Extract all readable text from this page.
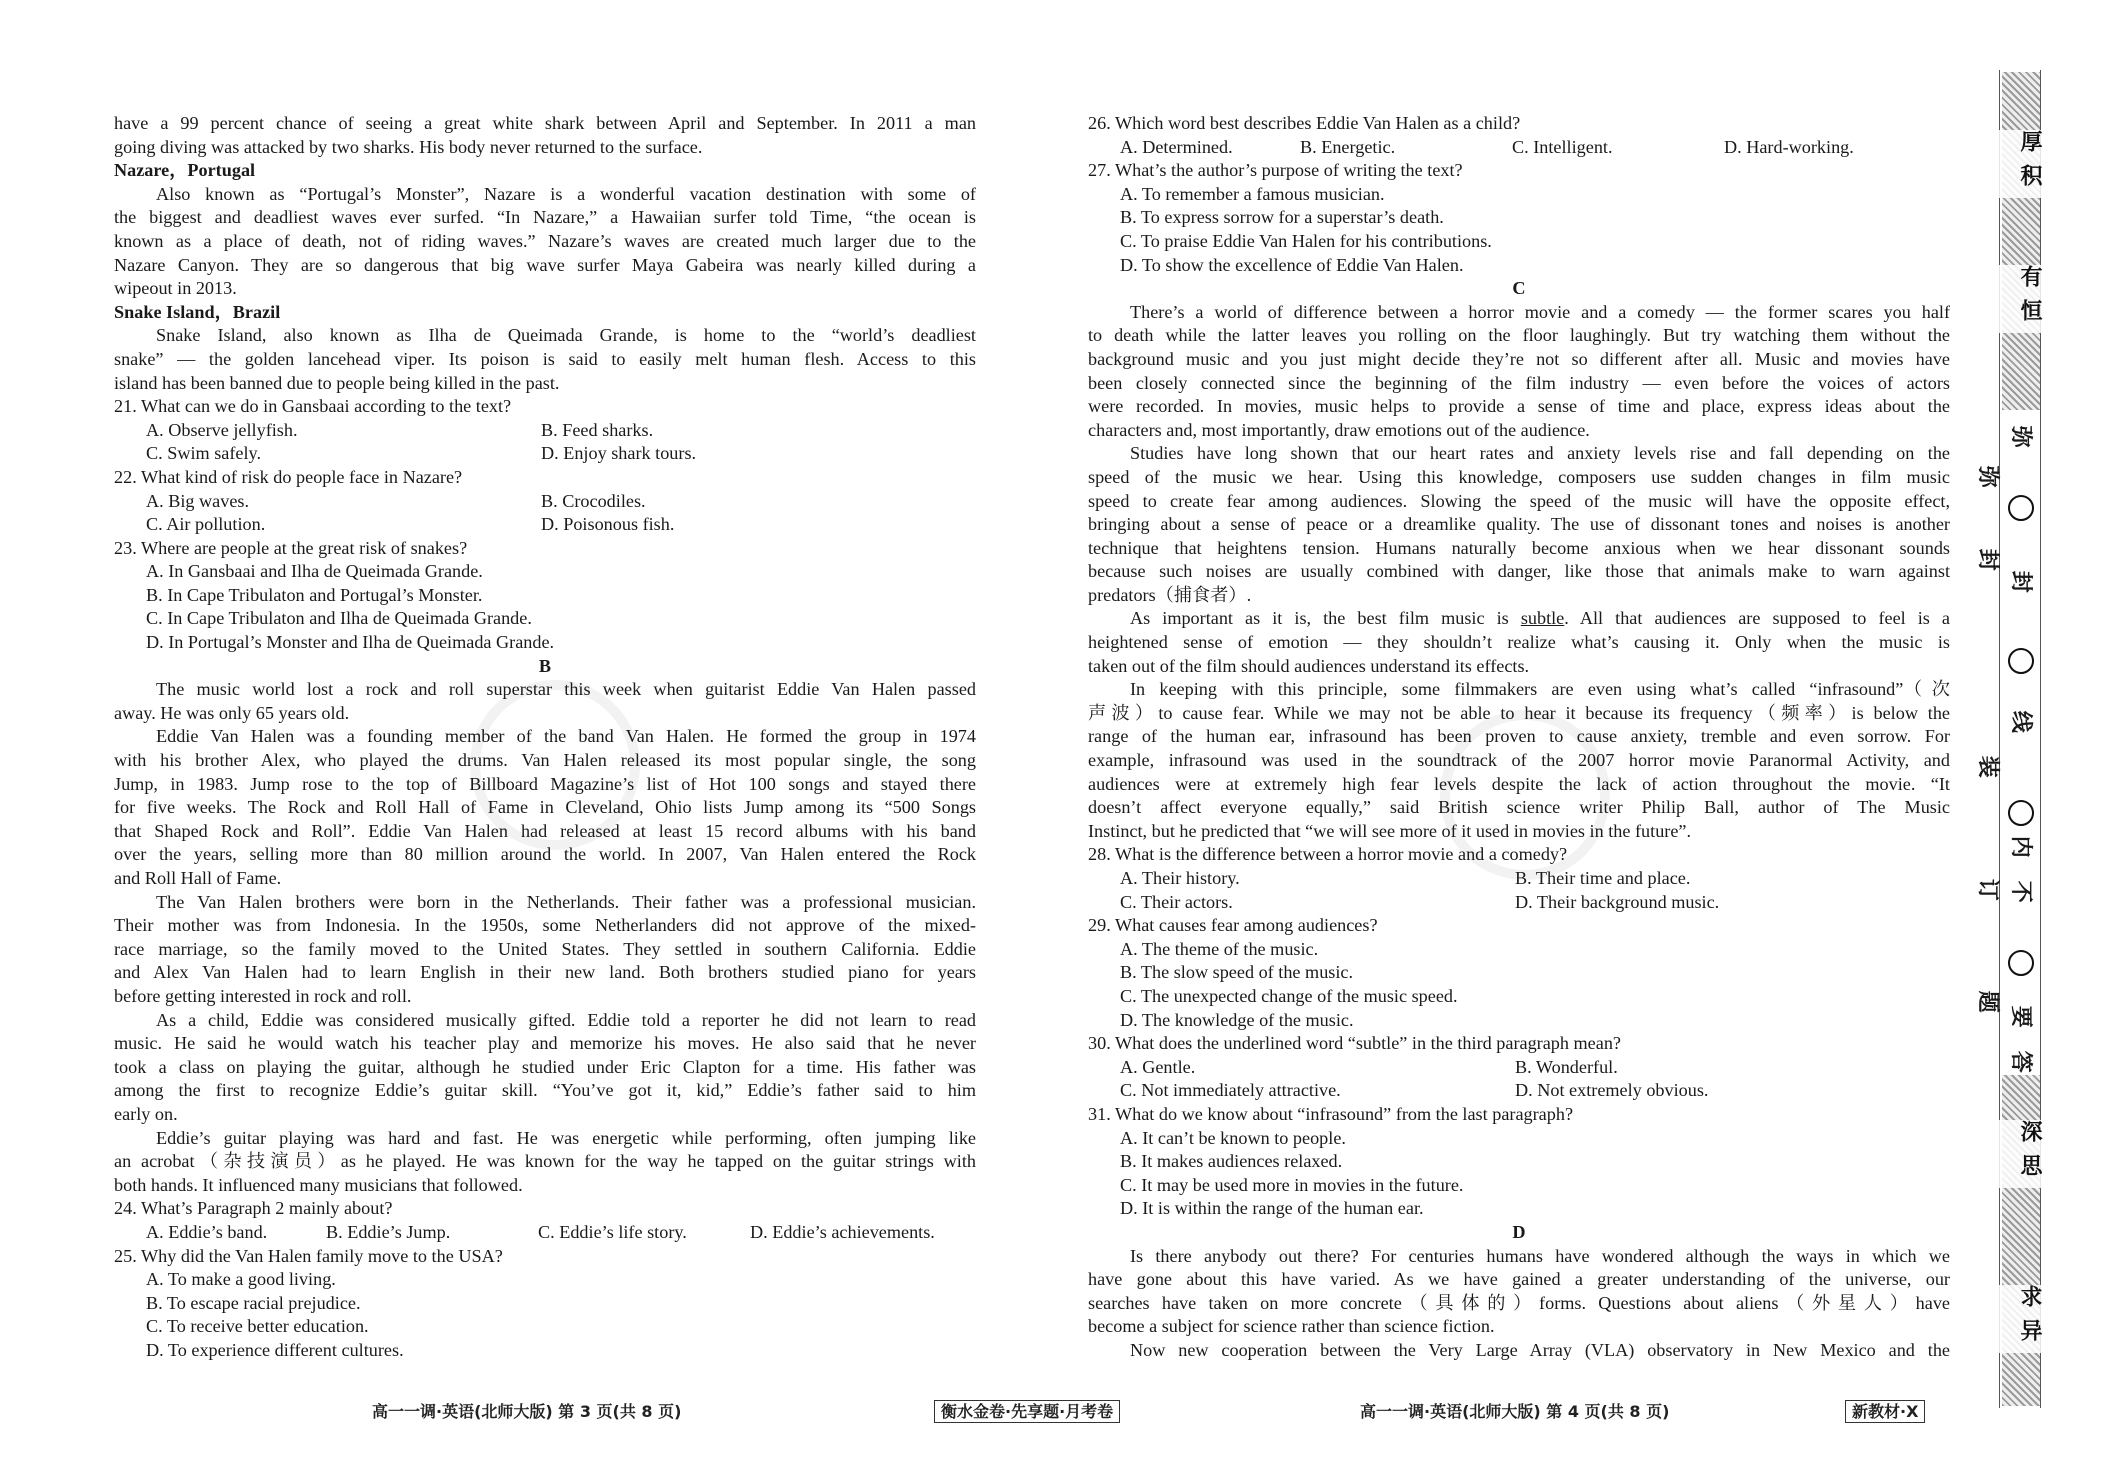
have a 99 percent chance of seeing a great white shark between April and September. In 2011 a man
going diving was attacked by two sharks. His body never returned to the surface.
Nazare，Portugal
Also known as “Portugal’s Monster”, Nazare is a wonderful vacation destination with some of
the biggest and deadliest waves ever surfed. “In Nazare,” a Hawaiian surfer told Time, “the ocean is
known as a place of death, not of riding waves.” Nazare’s waves are created much larger due to the
Nazare Canyon. They are so dangerous that big wave surfer Maya Gabeira was nearly killed during a
wipeout in 2013.
Snake Island，Brazil
Snake Island, also known as Ilha de Queimada Grande, is home to the “world’s deadliest
snake” — the golden lancehead viper. Its poison is said to easily melt human flesh. Access to this
island has been banned due to people being killed in the past.
21. What can we do in Gansbaai according to the text?
A. Observe jellyfish.	B. Feed sharks.
C. Swim safely.	D. Enjoy shark tours.
22. What kind of risk do people face in Nazare?
A. Big waves.	B. Crocodiles.
C. Air pollution.	D. Poisonous fish.
23. Where are people at the great risk of snakes?
A. In Gansbaai and Ilha de Queimada Grande.
B. In Cape Tribulaton and Portugal’s Monster.
C. In Cape Tribulaton and Ilha de Queimada Grande.
D. In Portugal’s Monster and Ilha de Queimada Grande.
B
The music world lost a rock and roll superstar this week when guitarist Eddie Van Halen passed
away. He was only 65 years old.
Eddie Van Halen was a founding member of the band Van Halen. He formed the group in 1974
with his brother Alex, who played the drums. Van Halen released its most popular single, the song
Jump, in 1983. Jump rose to the top of Billboard Magazine’s list of Hot 100 songs and stayed there
for five weeks. The Rock and Roll Hall of Fame in Cleveland, Ohio lists Jump among its “500 Songs
that Shaped Rock and Roll”. Eddie Van Halen had released at least 15 record albums with his band
over the years, selling more than 80 million around the world. In 2007, Van Halen entered the Rock
and Roll Hall of Fame.
The Van Halen brothers were born in the Netherlands. Their father was a professional musician.
Their mother was from Indonesia. In the 1950s, some Netherlanders did not approve of the mixed-
race marriage, so the family moved to the United States. They settled in southern California. Eddie
and Alex Van Halen had to learn English in their new land. Both brothers studied piano for years
before getting interested in rock and roll.
As a child, Eddie was considered musically gifted. Eddie told a reporter he did not learn to read
music. He said he would watch his teacher play and memorize his moves. He also said that he never
took a class on playing the guitar, although he studied under Eric Clapton for a time. His father was
among the first to recognize Eddie’s guitar skill. “You’ve got it, kid,” Eddie’s father said to him
early on.
Eddie’s guitar playing was hard and fast. He was energetic while performing, often jumping like
an acrobat（杂技演员）as he played. He was known for the way he tapped on the guitar strings with
both hands. It influenced many musicians that followed.
24. What’s Paragraph 2 mainly about?
A. Eddie’s band.	B. Eddie’s Jump.	C. Eddie’s life story.	D. Eddie’s achievements.
25. Why did the Van Halen family move to the USA?
A. To make a good living.
B. To escape racial prejudice.
C. To receive better education.
D. To experience different cultures.
26. Which word best describes Eddie Van Halen as a child?
A. Determined.	B. Energetic.	C. Intelligent.	D. Hard-working.
27. What’s the author’s purpose of writing the text?
A. To remember a famous musician.
B. To express sorrow for a superstar’s death.
C. To praise Eddie Van Halen for his contributions.
D. To show the excellence of Eddie Van Halen.
C
There’s a world of difference between a horror movie and a comedy — the former scares you half
to death while the latter leaves you rolling on the floor laughingly. But try watching them without the
background music and you just might decide they’re not so different after all. Music and movies have
been closely connected since the beginning of the film industry — even before the voices of actors
were recorded. In movies, music helps to provide a sense of time and place, express ideas about the
characters and, most importantly, draw emotions out of the audience.
Studies have long shown that our heart rates and anxiety levels rise and fall depending on the
speed of the music we hear. Using this knowledge, composers use sudden changes in film music
speed to create fear among audiences. Slowing the speed of the music will have the opposite effect,
bringing about a sense of peace or a dreamlike quality. The use of dissonant tones and noises is another
technique that heightens tension. Humans naturally become anxious when we hear dissonant sounds
because such noises are usually combined with danger, like those that animals make to warn against
predators（捕食者）.
As important as it is, the best film music is subtle. All that audiences are supposed to feel is a
heightened sense of emotion — they shouldn’t realize what’s causing it. Only when the music is
taken out of the film should audiences understand its effects.
In keeping with this principle, some filmmakers are even using what’s called “infrasound”（次
声波）to cause fear. While we may not be able to hear it because its frequency（频率）is below the
range of the human ear, infrasound has been proven to cause anxiety, tremble and even sorrow. For
example, infrasound was used in the soundtrack of the 2007 horror movie Paranormal Activity, and
audiences were at extremely high fear levels despite the lack of action throughout the movie. “It
doesn’t affect everyone equally,” said British science writer Philip Ball, author of The Music
Instinct, but he predicted that “we will see more of it used in movies in the future”.
28. What is the difference between a horror movie and a comedy?
A. Their history.	B. Their time and place.
C. Their actors.	D. Their background music.
29. What causes fear among audiences?
A. The theme of the music.
B. The slow speed of the music.
C. The unexpected change of the music speed.
D. The knowledge of the music.
30. What does the underlined word “subtle” in the third paragraph mean?
A. Gentle.	B. Wonderful.
C. Not immediately attractive.	D. Not extremely obvious.
31. What do we know about “infrasound” from the last paragraph?
A. It can’t be known to people.
B. It makes audiences relaxed.
C. It may be used more in movies in the future.
D. It is within the range of the human ear.
D
Is there anybody out there? For centuries humans have wondered although the ways in which we
have gone about this have varied. As we have gained a greater understanding of the universe, our
searches have taken on more concrete（具体的）forms. Questions about aliens（外星人）have
become a subject for science rather than science fiction.
Now new cooperation between the Very Large Array (VLA) observatory in New Mexico and the
高一一调·英语(北师大版) 第 3 页(共 8 页)	衡水金卷·先享题·月考卷	高一一调·英语(北师大版) 第 4 页(共 8 页)	新教材·X
厚积
有恒
深思
求异
弥
封
线
内
不
要
答
题
弥
封
装
订
